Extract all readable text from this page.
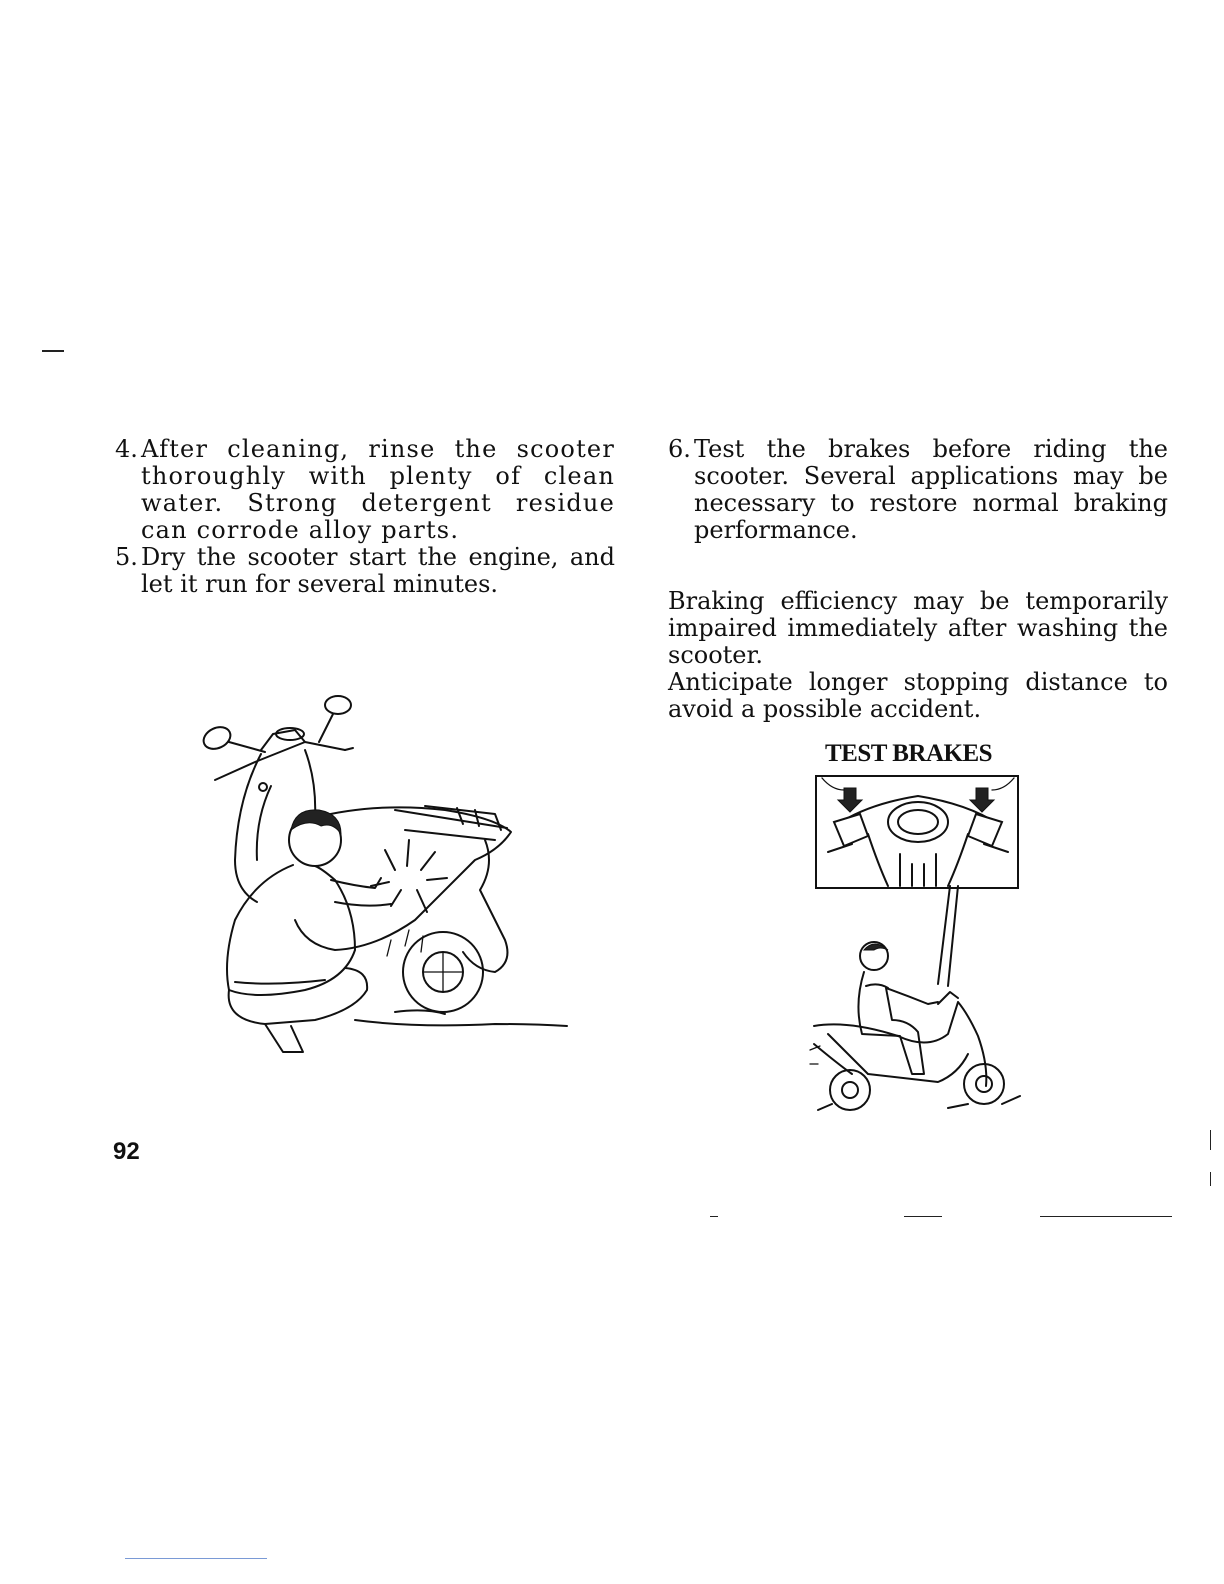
4. After cleaning, rinse the scooter thoroughly with plenty of clean water. Strong detergent residue can corrode alloy parts.
5. Dry the scooter start the engine, and let it run for several minutes.
6. Test the brakes before riding the scooter. Several applications may be necessary to restore normal braking performance.

Braking efficiency may be temporarily impaired immediately after washing the scooter.

Anticipate longer stopping distance to avoid a possible accident.

TEST BRAKES
92
